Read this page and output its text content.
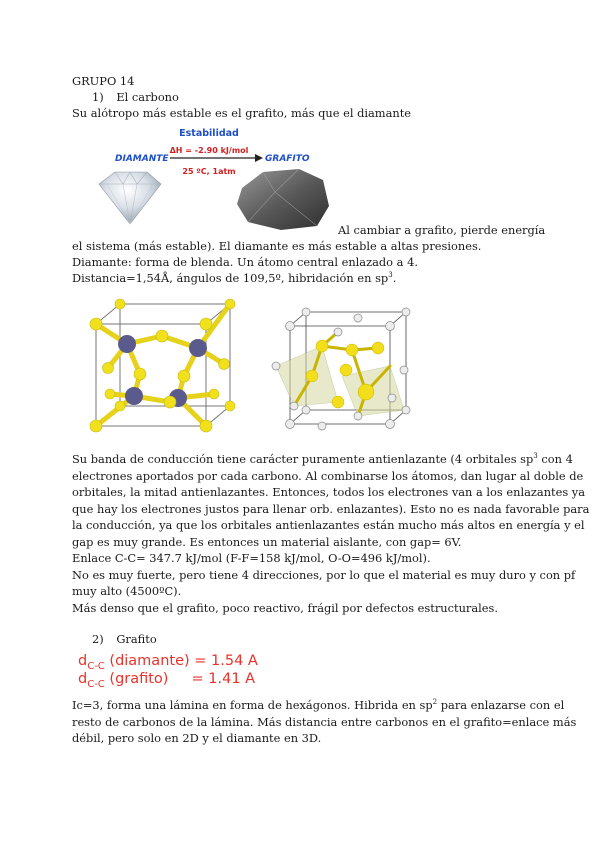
GRUPO 14
1) El carbono
Su alótropo más estable es el grafito, más que el diamante
Estabilidad
ΔH = -2.90 kJ/mol
DIAMANTE	GRAFITO
25 ºC, 1atm
Al cambiar a grafito, pierde energía
el sistema (más estable). El diamante es más estable a altas presiones.
Diamante: forma de blenda. Un átomo central enlazado a 4.
Distancia=1,54Å, ángulos de 109,5º, hibridación en $sp^3$.
Su banda de conducción tiene carácter puramente antienlazante (4 orbitales $sp^3$ con 4
electrones aportados por cada carbono. Al combinarse los átomos, dan lugar al doble de
orbitales, la mitad antienlazantes. Entonces, todos los electrones van a los enlazantes ya
que hay los electrones justos para llenar orb. enlazantes). Esto no es nada favorable para
la conducción, ya que los orbitales antienlazantes están mucho más altos en energía y el
gap es muy grande. Es entonces un material aislante, con gap= 6V.
Enlace C-C= 347.7 kJ/mol (F-F=158 kJ/mol, O-O=496 kJ/mol).
No es muy fuerte, pero tiene 4 direcciones, por lo que el material es muy duro y con pf
muy alto (4500ºC).
Más denso que el grafito, poco reactivo, frágil por defectos estructurales.
2) Grafito
$d_{C-C}$ (diamante) = 1.54 A
$d_{C-C}$ (grafito)     = 1.41 A
Ic=3, forma una lámina en forma de hexágonos. Hibrida en $sp^2$ para enlazarse con el
resto de carbonos de la lámina. Más distancia entre carbonos en el grafito=enlace más
débil, pero solo en 2D y el diamante en 3D.
